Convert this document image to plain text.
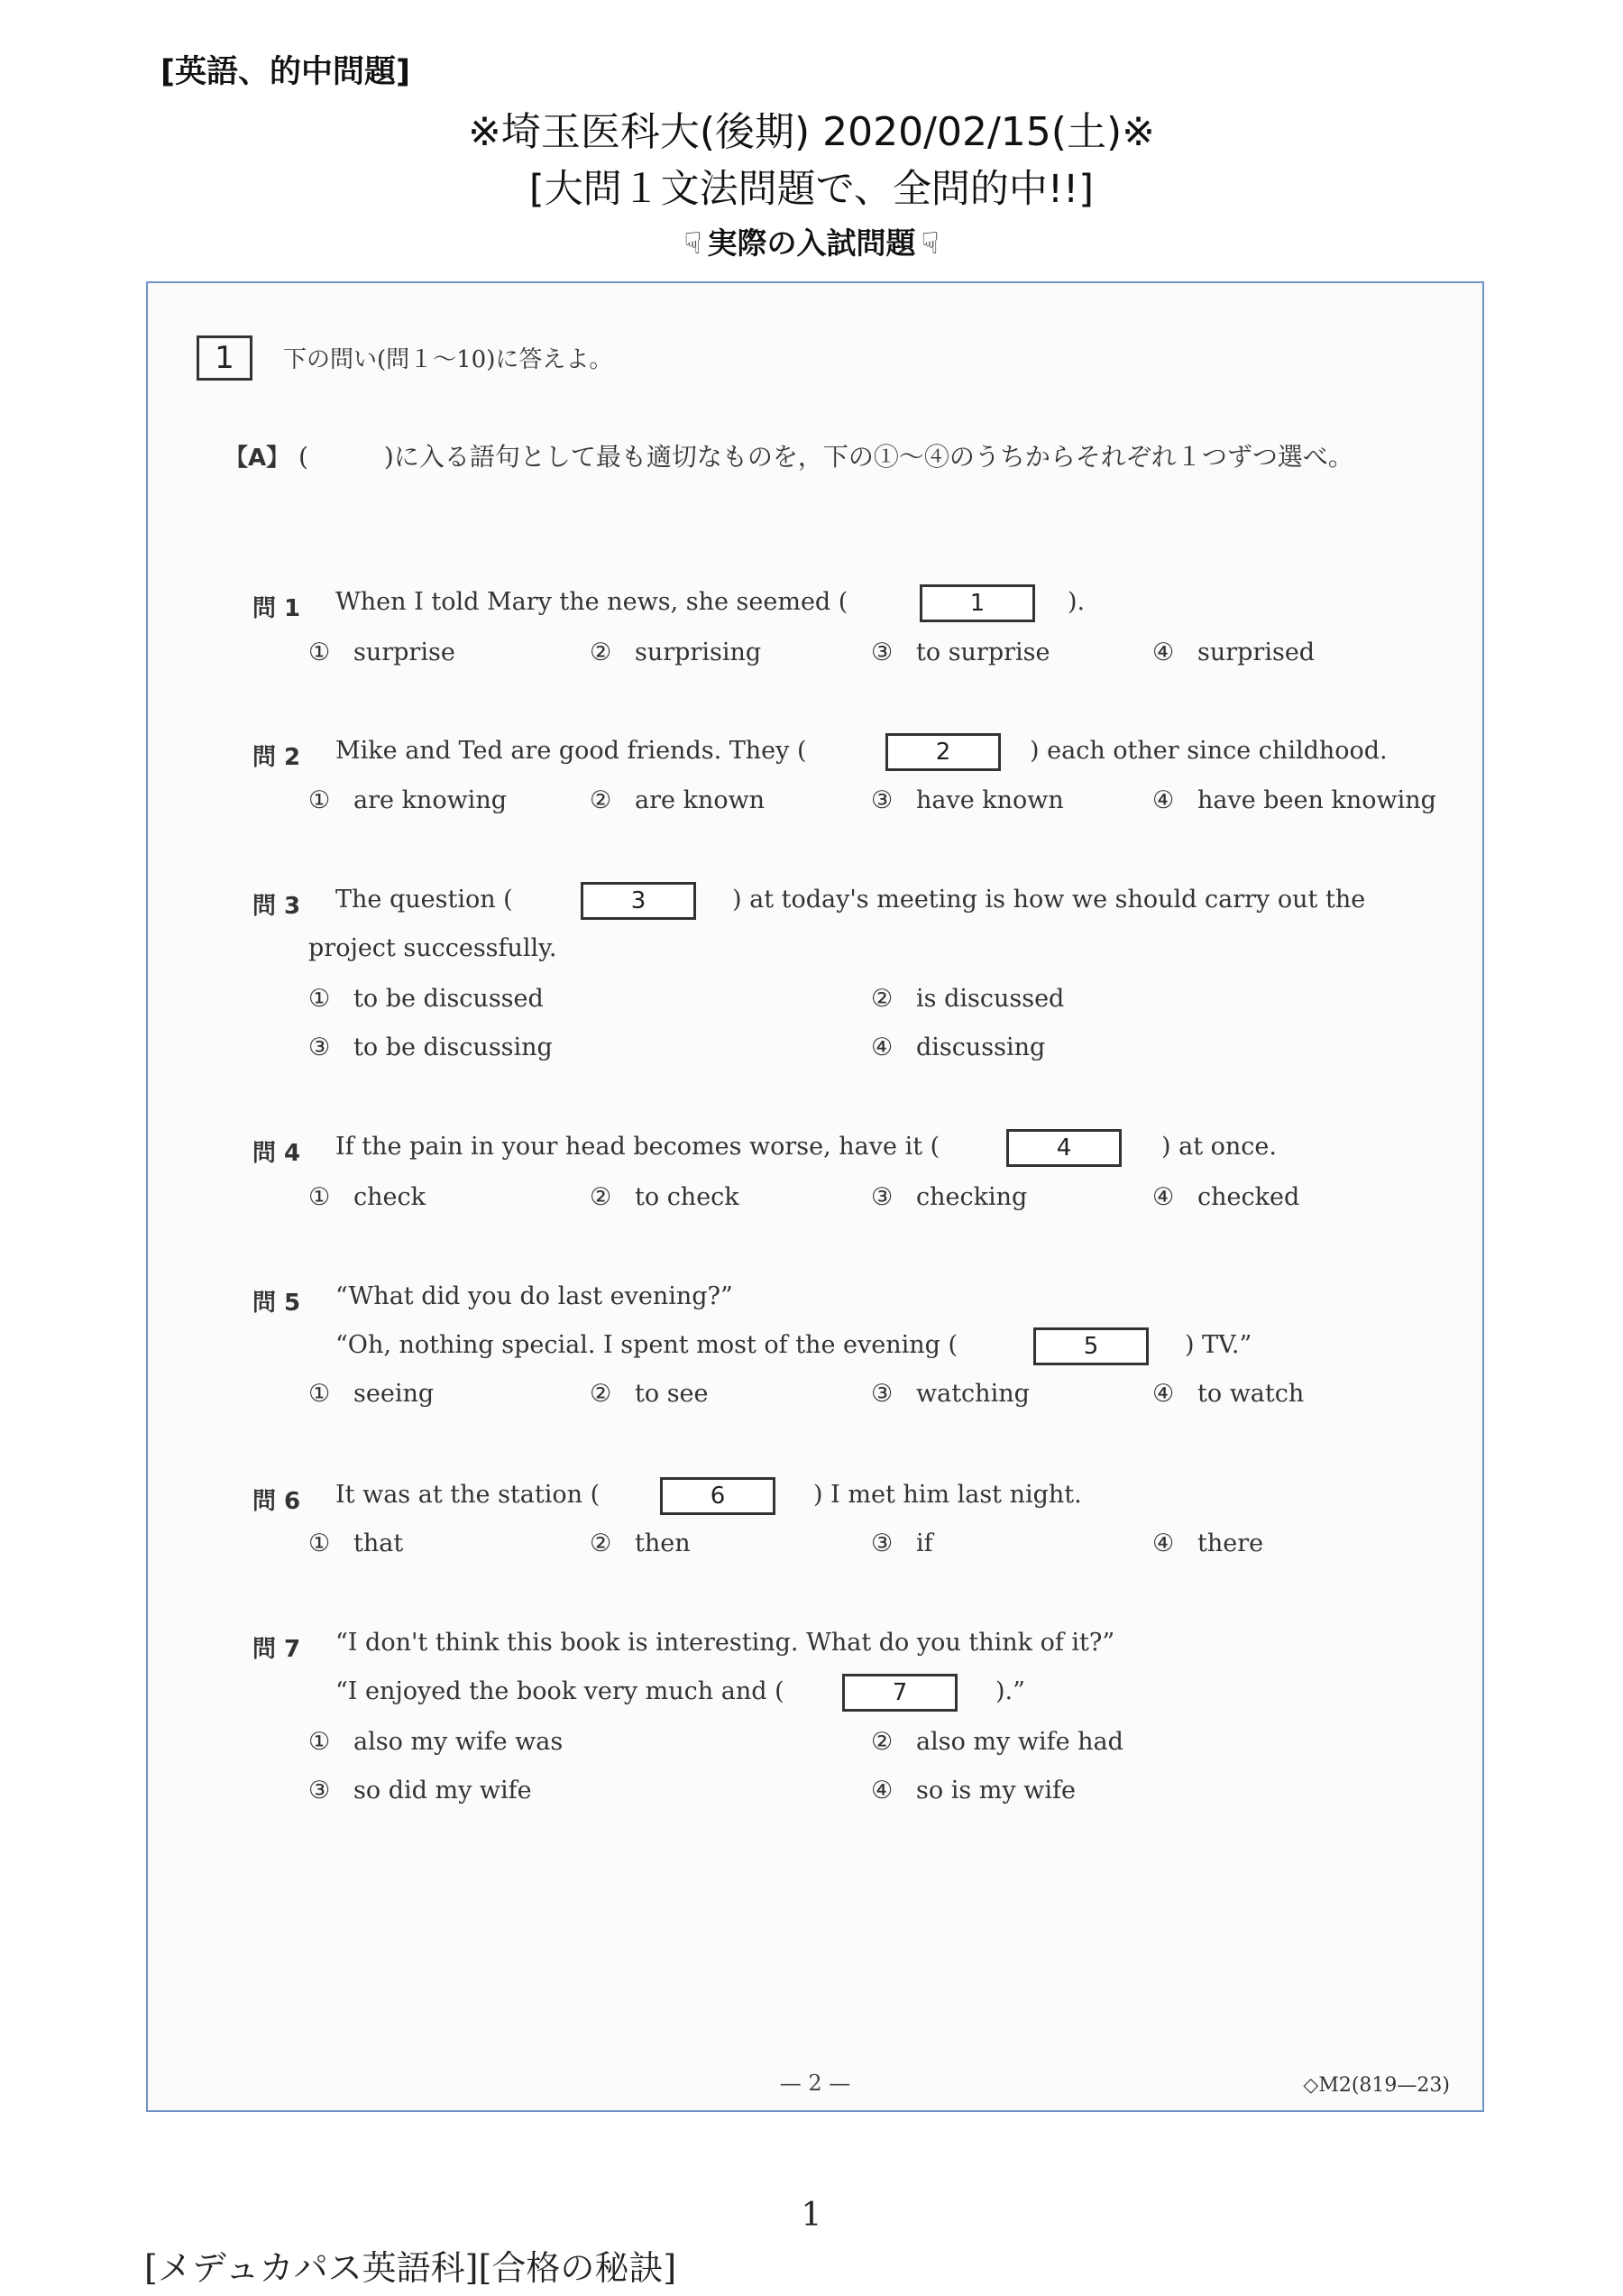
[英語、的中問題]
※埼玉医科大(後期) 2020/02/15(土)※
[大問１文法問題で、全問的中!!]
☟ 実際の入試問題 ☟
1	下の問い(問１〜10)に答えよ。
【A】 (　　　)に入る語句として最も適切なものを，下の①〜④のうちからそれぞれ１つずつ選べ。
問 1 When I told Mary the news, she seemed (	1	).
① surprise	② surprising	③ to surprise	④ surprised
問 2 Mike and Ted are good friends. They (	2	) each other since childhood.
① are knowing	② are known	③ have known	④ have been knowing
問 3 The question (	3	) at today's meeting is how we should carry out the
project successfully.
① to be discussed	② is discussed
③ to be discussing	④ discussing
問 4 If the pain in your head becomes worse, have it (	4	) at once.
① check	② to check	③ checking	④ checked
問 5 “What did you do last evening?”
“Oh, nothing special. I spent most of the evening (	5	) TV.”
① seeing	② to see	③ watching	④ to watch
問 6 It was at the station (	6	) I met him last night.
① that	② then	③ if	④ there
問 7 “I don't think this book is interesting. What do you think of it?”
“I enjoyed the book very much and (	7	).”
① also my wife was	② also my wife had
③ so did my wife	④ so is my wife
— 2 —	◇M2(819—23)
1
[メデュカパス英語科][合格の秘訣]
